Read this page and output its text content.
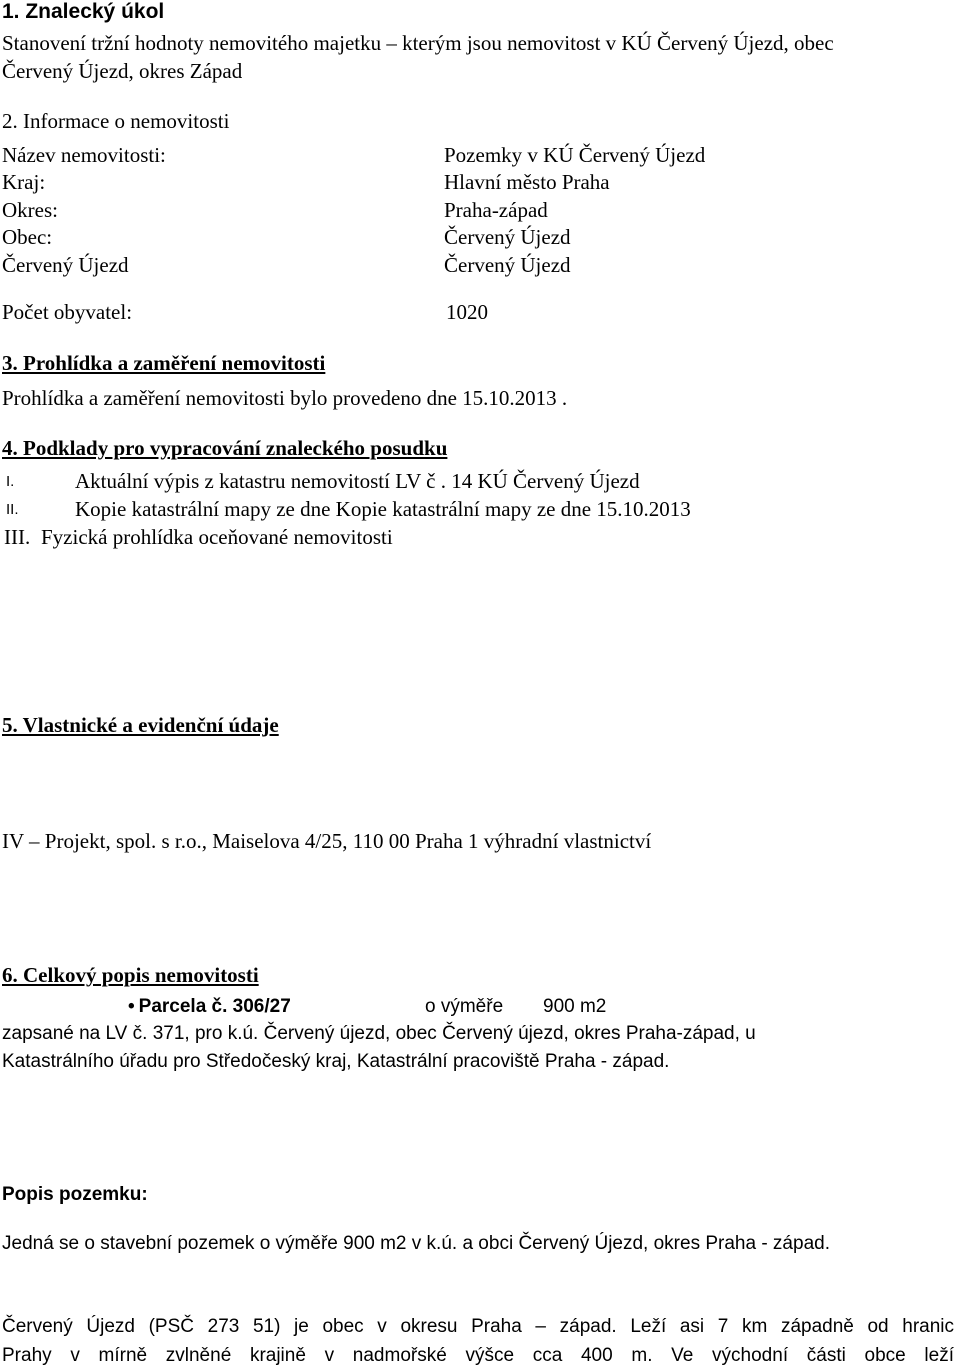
1. Znalecký úkol
Stanovení tržní hodnoty nemovitého majetku – kterým jsou nemovitost v KÚ Červený Újezd, obec
Červený Újezd, okres Západ
2. Informace o nemovitosti
Název nemovitosti:	Pozemky v KÚ Červený Újezd
Kraj:	Hlavní město Praha
Okres:	Praha-západ
Obec:	Červený Újezd
Červený Újezd	Červený Újezd
Počet obyvatel:	1020
3. Prohlídka a zaměření nemovitosti
Prohlídka a zaměření nemovitosti bylo provedeno dne 15.10.2013 .
4. Podklady pro vypracování znaleckého posudku
I.	Aktuální výpis z katastru nemovitostí LV č . 14 KÚ Červený Újezd
II.	Kopie katastrální mapy ze dne Kopie katastrální mapy ze dne 15.10.2013
III. Fyzická prohlídka oceňované nemovitosti
5. Vlastnické a evidenční údaje
IV – Projekt, spol. s r.o., Maiselova 4/25, 110 00 Praha 1 výhradní vlastnictví
6. Celkový popis nemovitosti
• Parcela č. 306/27	o výměře 900 m2
zapsané na LV č. 371, pro k.ú. Červený újezd, obec Červený újezd, okres Praha-západ, u
Katastrálního úřadu pro Středočeský kraj, Katastrální pracoviště Praha - západ.
Popis pozemku:
Jedná se o stavební pozemek o výměře 900 m2 v k.ú. a obci Červený Újezd, okres Praha - západ.
Červený Újezd (PSČ 273 51) je obec v okresu Praha – západ. Leží asi 7 km západně od hranic
Prahy v mírně zvlněné krajině v nadmořské výšce cca 400 m. Ve východní části obce leží
